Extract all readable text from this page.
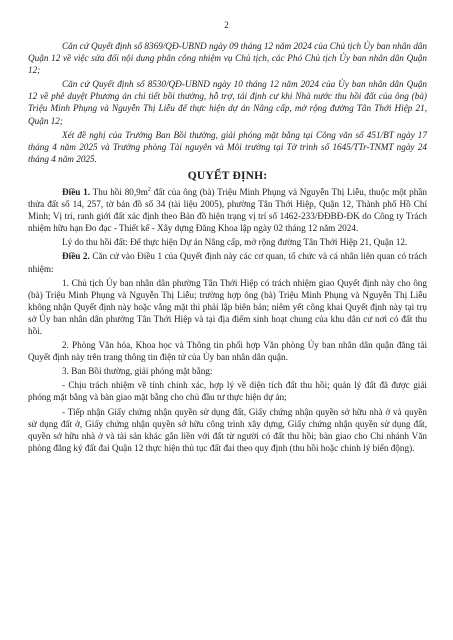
2

Căn cứ Quyết định số 8369/QĐ-UBND ngày 09 tháng 12 năm 2024 của Chủ tịch Ủy ban nhân dân Quận 12 về việc sửa đổi nội dung phân công nhiệm vụ Chủ tịch, các Phó Chủ tịch Ủy ban nhân dân Quận 12;

Căn cứ Quyết định số 8530/QĐ-UBND ngày 10 tháng 12 năm 2024 của Ủy ban nhân dân Quận 12 về phê duyệt Phương án chi tiết bồi thường, hỗ trợ, tái định cư khi Nhà nước thu hồi đất của ông (bà) Triệu Minh Phụng và Nguyễn Thị Liễu để thực hiện dự án Nâng cấp, mở rộng đường Tân Thới Hiệp 21, Quận 12;

Xét đề nghị của Trưởng Ban Bồi thường, giải phóng mặt bằng tại Công văn số 451/BT ngày 17 tháng 4 năm 2025 và Trưởng phòng Tài nguyên và Môi trường tại Tờ trình số 1645/TTr-TNMT ngày 24 tháng 4 năm 2025.

QUYẾT ĐỊNH:

Điều 1. Thu hồi $80,9m^2$ đất của ông (bà) Triệu Minh Phụng và Nguyễn Thị Liễu, thuộc một phần thửa đất số 14, 257, tờ bản đồ số 34 (tài liệu 2005), phường Tân Thới Hiệp, Quận 12, Thành phố Hồ Chí Minh; Vị trí, ranh giới đất xác định theo Bản đồ hiện trạng vị trí số 1462-233/ĐĐBĐ-ĐK do Công ty Trách nhiệm hữu hạn Đo đạc - Thiết kế - Xây dựng Đăng Khoa lập ngày 02 tháng 12 năm 2024.

Lý do thu hồi đất: Để thực hiện Dự án Nâng cấp, mở rộng đường Tân Thới Hiệp 21, Quận 12.

Điều 2. Căn cứ vào Điều 1 của Quyết định này các cơ quan, tổ chức và cá nhân liên quan có trách nhiệm:

1. Chủ tịch Ủy ban nhân dân phường Tân Thới Hiệp có trách nhiệm giao Quyết định này cho ông (bà) Triệu Minh Phụng và Nguyễn Thị Liễu; trường hợp ông (bà) Triệu Minh Phụng và Nguyễn Thị Liễu không nhận Quyết định này hoặc vắng mặt thì phải lập biên bản; niêm yết công khai Quyết định này tại trụ sở Ủy ban nhân dân phường Tân Thới Hiệp và tại địa điểm sinh hoạt chung của khu dân cư nơi có đất thu hồi.

2. Phòng Văn hóa, Khoa học và Thông tin phối hợp Văn phòng Ủy ban nhân dân quận đăng tải Quyết định này trên trang thông tin điện tử của Ủy ban nhân dân quận.

3. Ban Bồi thường, giải phóng mặt bằng:

- Chịu trách nhiệm về tính chính xác, hợp lý về diện tích đất thu hồi; quản lý đất đã được giải phóng mặt bằng và bàn giao mặt bằng cho chủ đầu tư thực hiện dự án;

- Tiếp nhận Giấy chứng nhận quyền sử dụng đất, Giấy chứng nhận quyền sở hữu nhà ở và quyền sử dụng đất ở, Giấy chứng nhận quyền sở hữu công trình xây dựng, Giấy chứng nhận quyền sử dụng đất, quyền sở hữu nhà ở và tài sản khác gắn liền với đất từ người có đất thu hồi; bàn giao cho Chi nhánh Văn phòng đăng ký đất đai Quận 12 thực hiện thủ tục đất đai theo quy định (thu hồi hoặc chỉnh lý biến động).
